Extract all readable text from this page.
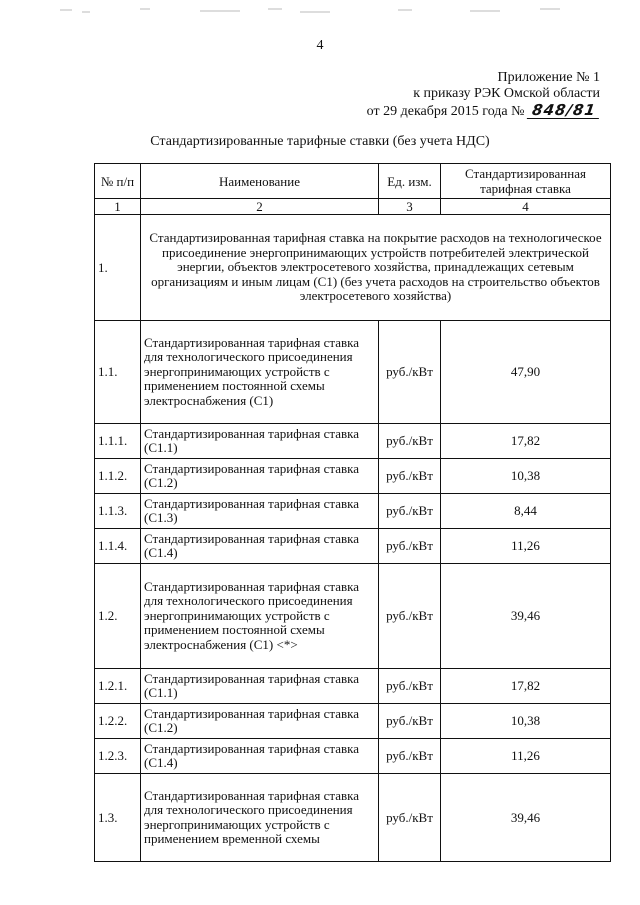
4
Приложение № 1
к приказу РЭК Омской области
от 29 декабря 2015 года № 848/81
Стандартизированные тарифные ставки (без учета НДС)
№ п/п	Наименование	Ед. изм.	Стандартизированная тарифная ставка
1	2	3	4
1.	Стандартизированная тарифная ставка на покрытие расходов на технологическое присоединение энергопринимающих устройств потребителей электрической энергии, объектов электросетевого хозяйства, принадлежащих сетевым организациям и иным лицам (С1) (без учета расходов на строительство объектов электросетевого хозяйства)		
1.1.	Стандартизированная тарифная ставка для технологического присоединения энергопринимающих устройств с применением постоянной схемы электроснабжения (С1)	руб./кВт	47,90
1.1.1.	Стандартизированная тарифная ставка (С1.1)	руб./кВт	17,82
1.1.2.	Стандартизированная тарифная ставка (С1.2)	руб./кВт	10,38
1.1.3.	Стандартизированная тарифная ставка (С1.3)	руб./кВт	8,44
1.1.4.	Стандартизированная тарифная ставка (С1.4)	руб./кВт	11,26
1.2.	Стандартизированная тарифная ставка для технологического присоединения энергопринимающих устройств с применением постоянной схемы электроснабжения (С1) <*>	руб./кВт	39,46
1.2.1.	Стандартизированная тарифная ставка (С1.1)	руб./кВт	17,82
1.2.2.	Стандартизированная тарифная ставка (С1.2)	руб./кВт	10,38
1.2.3.	Стандартизированная тарифная ставка (С1.4)	руб./кВт	11,26
1.3.	Стандартизированная тарифная ставка для технологического присоединения энергопринимающих устройств с применением временной схемы	руб./кВт	39,46
